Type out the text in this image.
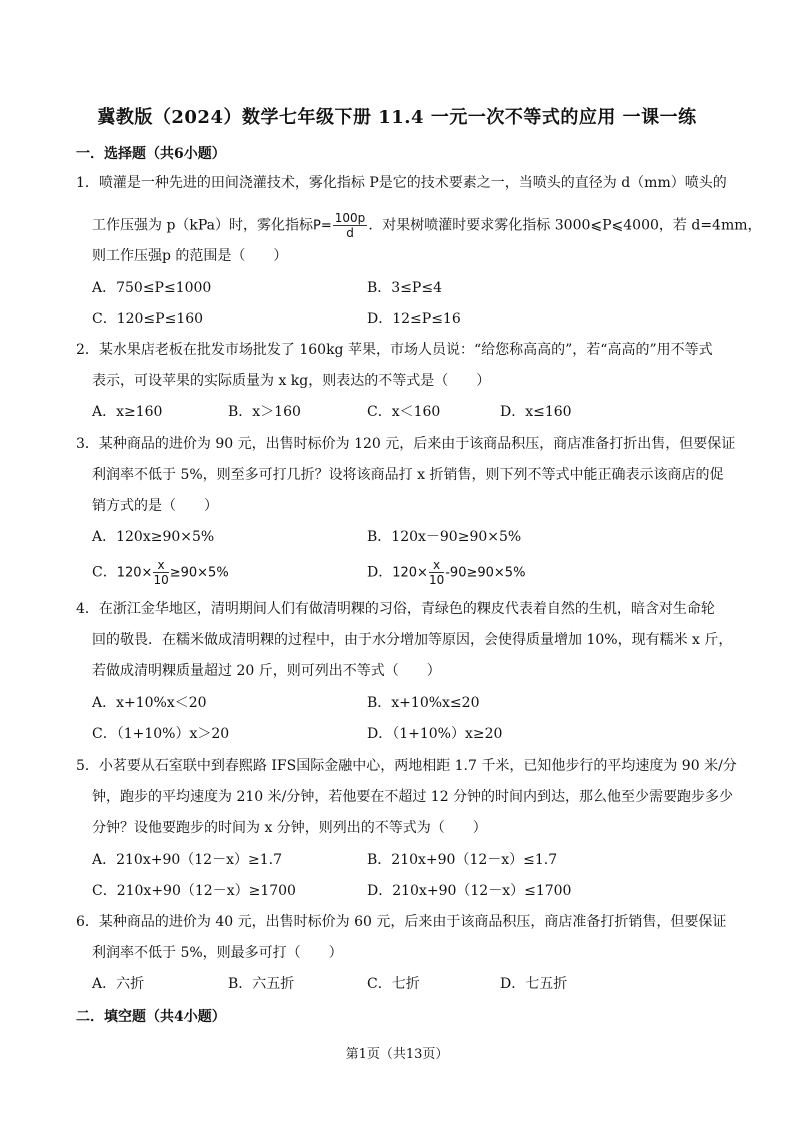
冀教版（2024）数学七年级下册 11.4 一元一次不等式的应用 一课一练
一．选择题（共6小题）
1．喷灌是一种先进的田间浇灌技术，雾化指标 P是它的技术要素之一，当喷头的直径为 d（mm）喷头的
工作压强为 p（kPa）时，雾化指标$P= \frac{100p}{d}$ ．对果树喷灌时要求雾化指标 3000⩽P⩽4000，若 d=4mm，
则工作压强p 的范围是（　　）
A．750≤P≤1000	B．3≤P≤4
C．120≤P≤160	D．12≤P≤16
2．某水果店老板在批发市场批发了 160kg 苹果，市场人员说：“给您称高高的”，若“高高的”用不等式
表示，可设苹果的实际质量为 x kg，则表达的不等式是（　　）
A．x≥160	B．x＞160	C．x＜160	D．x≤160
3．某种商品的进价为 90 元，出售时标价为 120 元，后来由于该商品积压，商店准备打折出售，但要保证
利润率不低于 5%，则至多可打几折？设将该商品打 x 折销售，则下列不等式中能正确表示该商店的促
销方式的是（　　）
A．120x≥90×5%	B．120x－90≥90×5%
C．$120\times \frac{x}{10} \ge 90\times 5\%$	D．$120\times \frac{x}{10} -90\ge 90\times 5\%$
4．在浙江金华地区，清明期间人们有做清明粿的习俗，青绿色的粿皮代表着自然的生机，暗含对生命轮
回的敬畏．在糯米做成清明粿的过程中，由于水分增加等原因，会使得质量增加 10%，现有糯米 x 斤，
若做成清明粿质量超过 20 斤，则可列出不等式（　　）
A．x+10%x＜20	B．x+10%x≤20
C．（1+10%）x＞20	D．（1+10%）x≥20
5．小茗要从石室联中到春熙路 IFS国际金融中心，两地相距 1.7 千米，已知他步行的平均速度为 90 米/分
钟，跑步的平均速度为 210 米/分钟，若他要在不超过 12 分钟的时间内到达，那么他至少需要跑步多少
分钟？设他要跑步的时间为 x 分钟，则列出的不等式为（　　）
A．210x+90（12－x）≥1.7	B．210x+90（12－x）≤1.7
C．210x+90（12－x）≥1700	D．210x+90（12－x）≤1700
6．某种商品的进价为 40 元，出售时标价为 60 元，后来由于该商品积压，商店准备打折销售，但要保证
利润率不低于 5%，则最多可打（　　）
A．六折	B．六五折	C．七折	D．七五折
二．填空题（共4小题）
第1页（共13页）
